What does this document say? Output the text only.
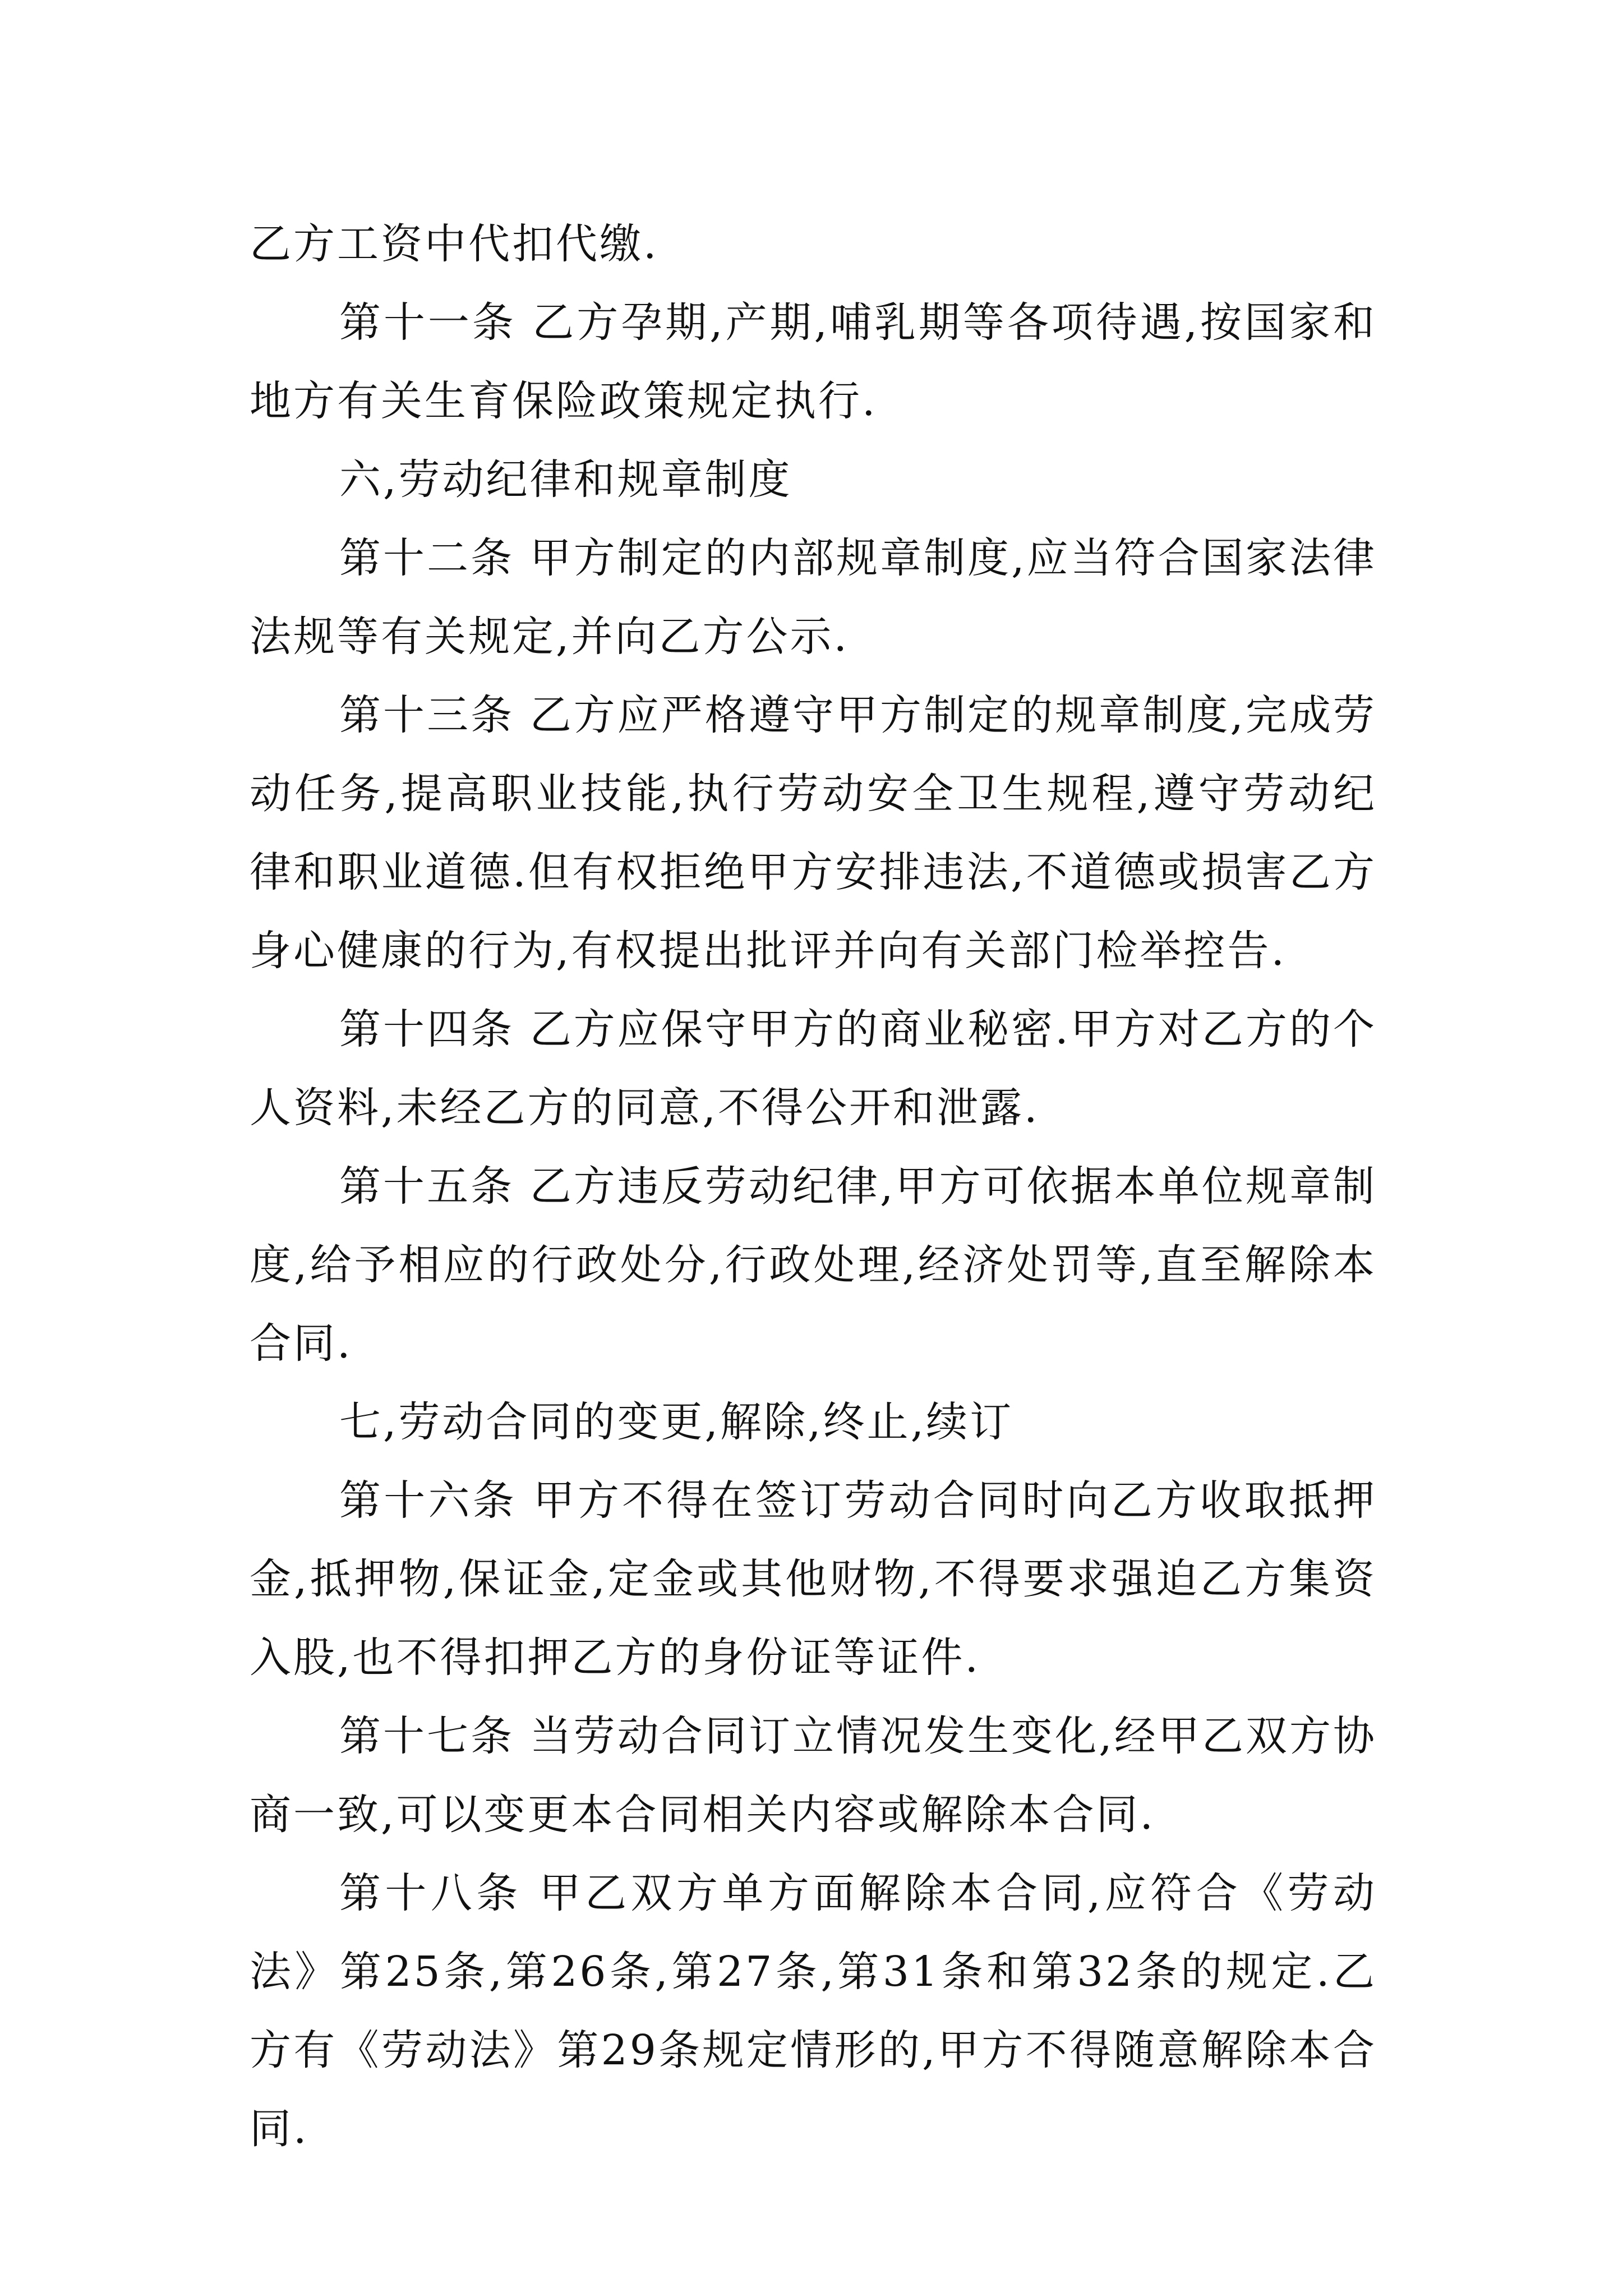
乙方工资中代扣代缴.

第十一条 乙方孕期,产期,哺乳期等各项待遇,按国家和地方有关生育保险政策规定执行.

六,劳动纪律和规章制度

第十二条 甲方制定的内部规章制度,应当符合国家法律法规等有关规定,并向乙方公示.

第十三条 乙方应严格遵守甲方制定的规章制度,完成劳动任务,提高职业技能,执行劳动安全卫生规程,遵守劳动纪律和职业道德.但有权拒绝甲方安排违法,不道德或损害乙方身心健康的行为,有权提出批评并向有关部门检举控告.

第十四条 乙方应保守甲方的商业秘密.甲方对乙方的个人资料,未经乙方的同意,不得公开和泄露.

第十五条 乙方违反劳动纪律,甲方可依据本单位规章制度,给予相应的行政处分,行政处理,经济处罚等,直至解除本合同.

七,劳动合同的变更,解除,终止,续订

第十六条 甲方不得在签订劳动合同时向乙方收取抵押金,抵押物,保证金,定金或其他财物,不得要求强迫乙方集资入股,也不得扣押乙方的身份证等证件.

第十七条 当劳动合同订立情况发生变化,经甲乙双方协商一致,可以变更本合同相关内容或解除本合同.

第十八条 甲乙双方单方面解除本合同,应符合《劳动法》第25条,第26条,第27条,第31条和第32条的规定.乙方有《劳动法》第29条规定情形的,甲方不得随意解除本合同.
